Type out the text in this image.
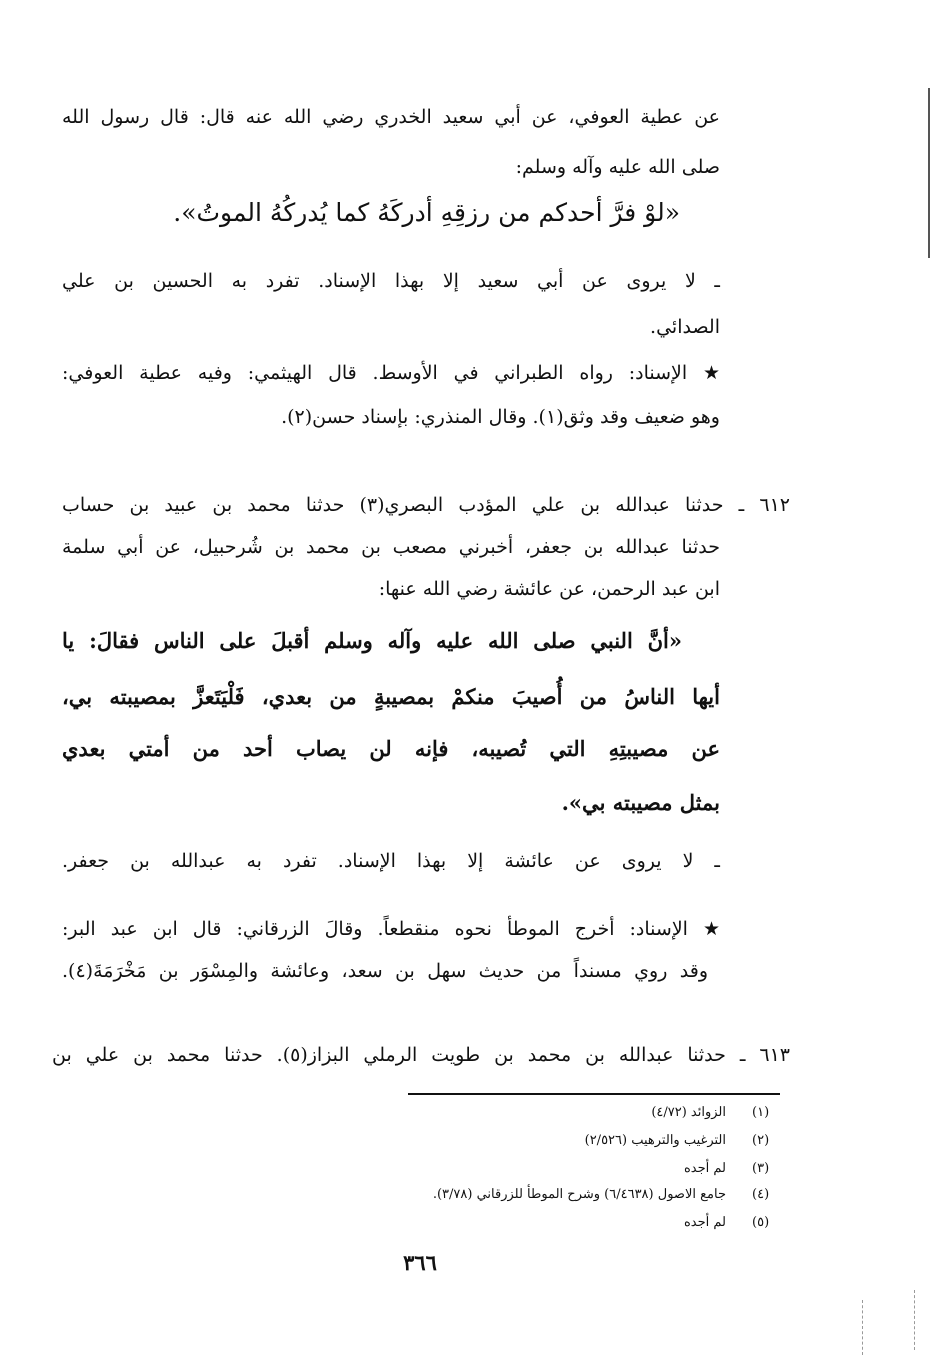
عن عطية العوفي، عن أبي سعيد الخدري رضي الله عنه قال: قال رسول الله
صلى الله عليه وآله وسلم:
«لوْ فرَّ أحدكم من رزقِهِ أدركَهُ كما يُدركُهُ الموتُ».
ـ لا يروى عن أبي سعيد إلا بهذا الإسناد. تفرد به الحسين بن علي
الصدائي.
★ الإسناد: رواه الطبراني في الأوسط. قال الهيثمي: وفيه عطية العوفي:
وهو ضعيف وقد وثق(١). وقال المنذري: بإسناد حسن(٢).
٦١٢ ـ حدثنا عبدالله بن علي المؤدب البصري(٣) حدثنا محمد بن عبيد بن حساب
حدثنا عبدالله بن جعفر، أخبرني مصعب بن محمد بن شُرحبيل، عن أبي سلمة
ابن عبد الرحمن، عن عائشة رضي الله عنها:
«أنَّ النبي صلى الله عليه وآله وسلم أقبلَ على الناس فقالَ: يا
أيها الناسُ من أُصيبَ منكمْ بمصيبةٍ من بعدي، فَلْيَتَعزَّ بمصيبته بي،
عن مصيبتِهِ التي تُصيبه، فإنه لن يصاب أحد من أمتي بعدي
بمثل مصيبته بي».
ـ لا يروى عن عائشة إلا بهذا الإسناد. تفرد به عبدالله بن جعفر.
★ الإسناد: أخرج الموطأ نحوه منقطعاً. وقالَ الزرقاني: قال ابن عبد البر:
وقد روي مسنداً من حديث سهل بن سعد، وعائشة والمِسْوَر بن مَخْرَمَةَ(٤).
٦١٣ ـ حدثنا عبدالله بن محمد بن طويت الرملي البزاز(٥). حدثنا محمد بن علي بن
(١)
الزوائد (٤/٧٢)
(٢)
الترغيب والترهيب (٢/٥٢٦)
(٣)
لم أجده
(٤)
جامع الاصول (٦/٤٦٣٨) وشرح الموطأ للزرقاني (٣/٧٨).
(٥)
لم أجده
٣٦٦
